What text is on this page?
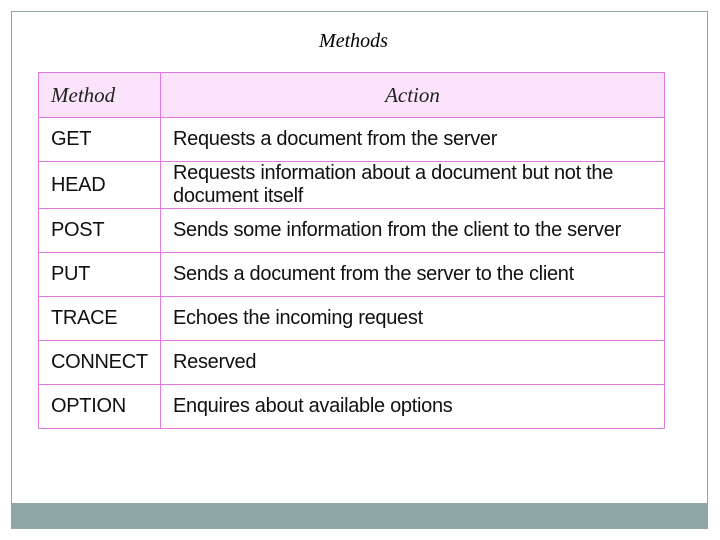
Methods
Method	Action
GET	Requests a document from the server
HEAD	Requests information about a document but not the document itself
POST	Sends some information from the client to the server
PUT	Sends a document from the server to the client
TRACE	Echoes the incoming request
CONNECT	Reserved
OPTION	Enquires about available options
